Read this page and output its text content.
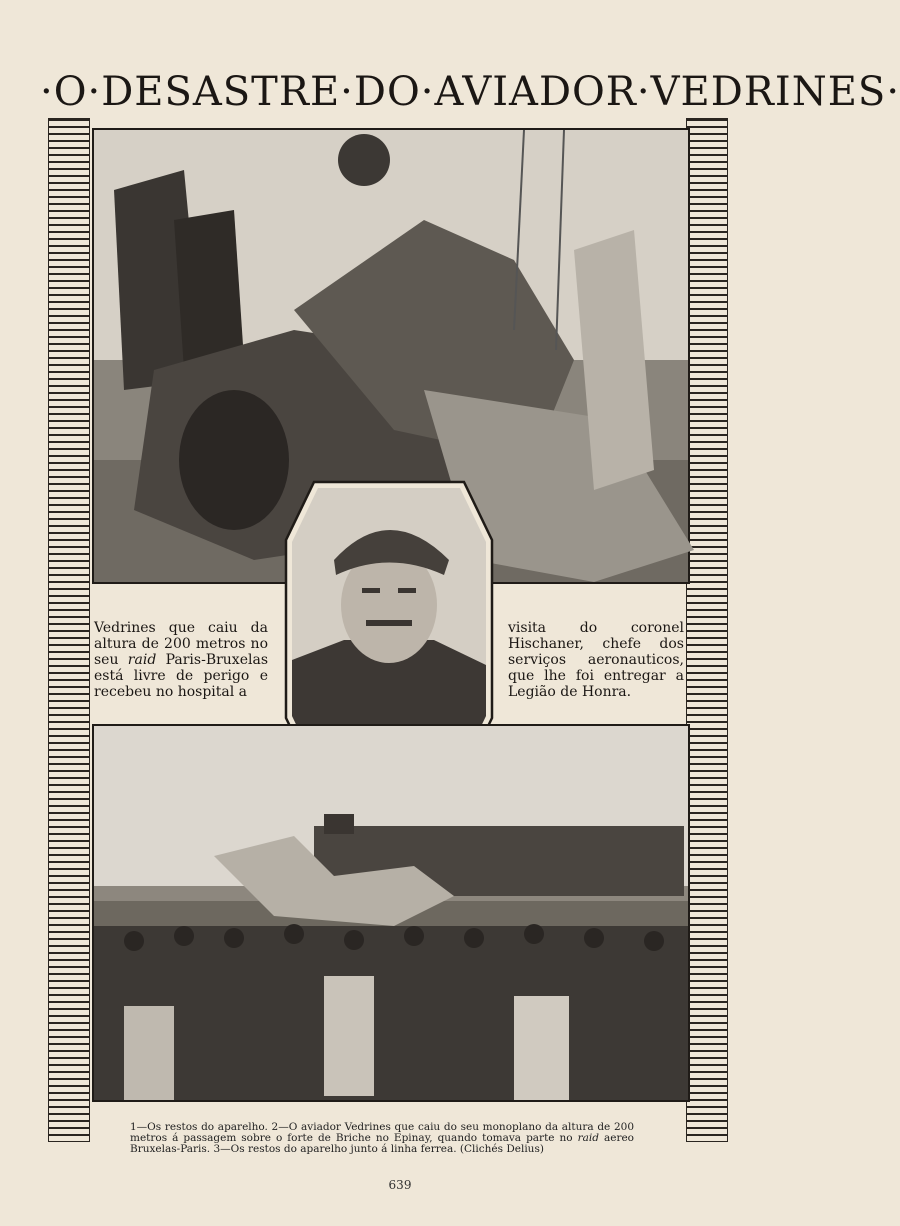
·O·DESASTRE·DO·AVIADOR·VEDRINES·
Vedrines que caiu da altura de 200 metros no seu raid Paris-Bruxelas está livre de perigo e recebeu no hospital a
visita do coronel Hischaner, chefe dos serviços aeronauticos, que lhe foi entregar a Legião de Honra.
1—Os restos do aparelho. 2—O aviador Vedrines que caiu do seu monoplano da altura de 200 metros á passagem sobre o forte de Briche no Epinay, quando tomava parte no raid aereo Bruxelas-Paris. 3—Os restos do aparelho junto á linha ferrea. (Clichés Delius)
639
